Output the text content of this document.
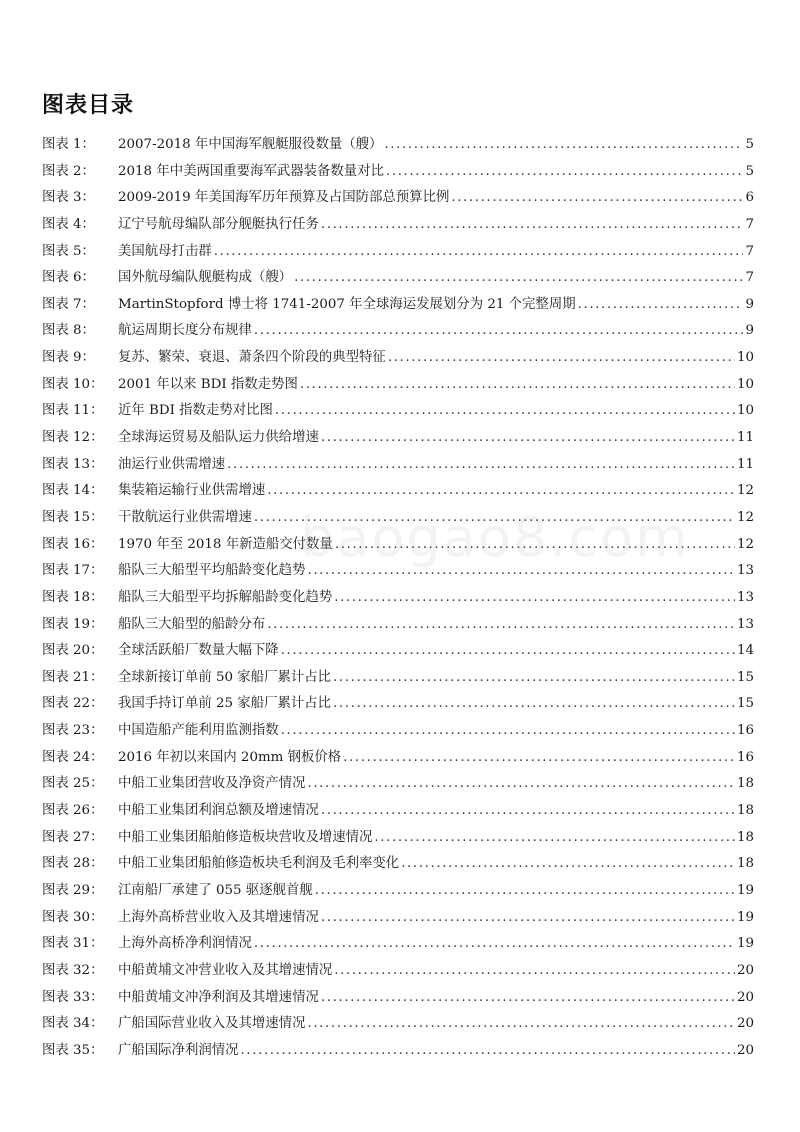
图表目录
图表 1：	2007-2018 年中国海军舰艇服役数量（艘） .....	5
图表 2：	2018 年中美两国重要海军武器装备数量对比 .....	5
图表 3：	2009-2019 年美国海军历年预算及占国防部总预算比例 .....	6
图表 4：	辽宁号航母编队部分舰艇执行任务 .....	7
图表 5：	美国航母打击群 .....	7
图表 6：	国外航母编队舰艇构成（艘） .....	7
图表 7：	MartinStopford 博士将 1741-2007 年全球海运发展划分为 21 个完整周期 .....	9
图表 8：	航运周期长度分布规律 .....	9
图表 9：	复苏、繁荣、衰退、萧条四个阶段的典型特征 .....	10
图表 10：	2001 年以来 BDI 指数走势图 .....	10
图表 11：	近年 BDI 指数走势对比图 .....	10
图表 12：	全球海运贸易及船队运力供给增速 .....	11
图表 13：	油运行业供需增速 .....	11
图表 14：	集装箱运输行业供需增速 .....	12
图表 15：	干散航运行业供需增速 .....	12
图表 16：	1970 年至 2018 年新造船交付数量 .....	12
图表 17：	船队三大船型平均船龄变化趋势 .....	13
图表 18：	船队三大船型平均拆解船龄变化趋势 .....	13
图表 19：	船队三大船型的船龄分布 .....	13
图表 20：	全球活跃船厂数量大幅下降 .....	14
图表 21：	全球新接订单前 50 家船厂累计占比 .....	15
图表 22：	我国手持订单前 25 家船厂累计占比 .....	15
图表 23：	中国造船产能利用监测指数 .....	16
图表 24：	2016 年初以来国内 20mm 钢板价格 .....	16
图表 25：	中船工业集团营收及净资产情况 .....	18
图表 26：	中船工业集团利润总额及增速情况 .....	18
图表 27：	中船工业集团船舶修造板块营收及增速情况 .....	18
图表 28：	中船工业集团船舶修造板块毛利润及毛利率变化 .....	18
图表 29：	江南船厂承建了 055 驱逐舰首舰 .....	19
图表 30：	上海外高桥营业收入及其增速情况 .....	19
图表 31：	上海外高桥净利润情况 .....	19
图表 32：	中船黄埔文冲营业收入及其增速情况 .....	20
图表 33：	中船黄埔文冲净利润及其增速情况 .....	20
图表 34：	广船国际营业收入及其增速情况 .....	20
图表 35：	广船国际净利润情况 .....	20
baogao8.com
